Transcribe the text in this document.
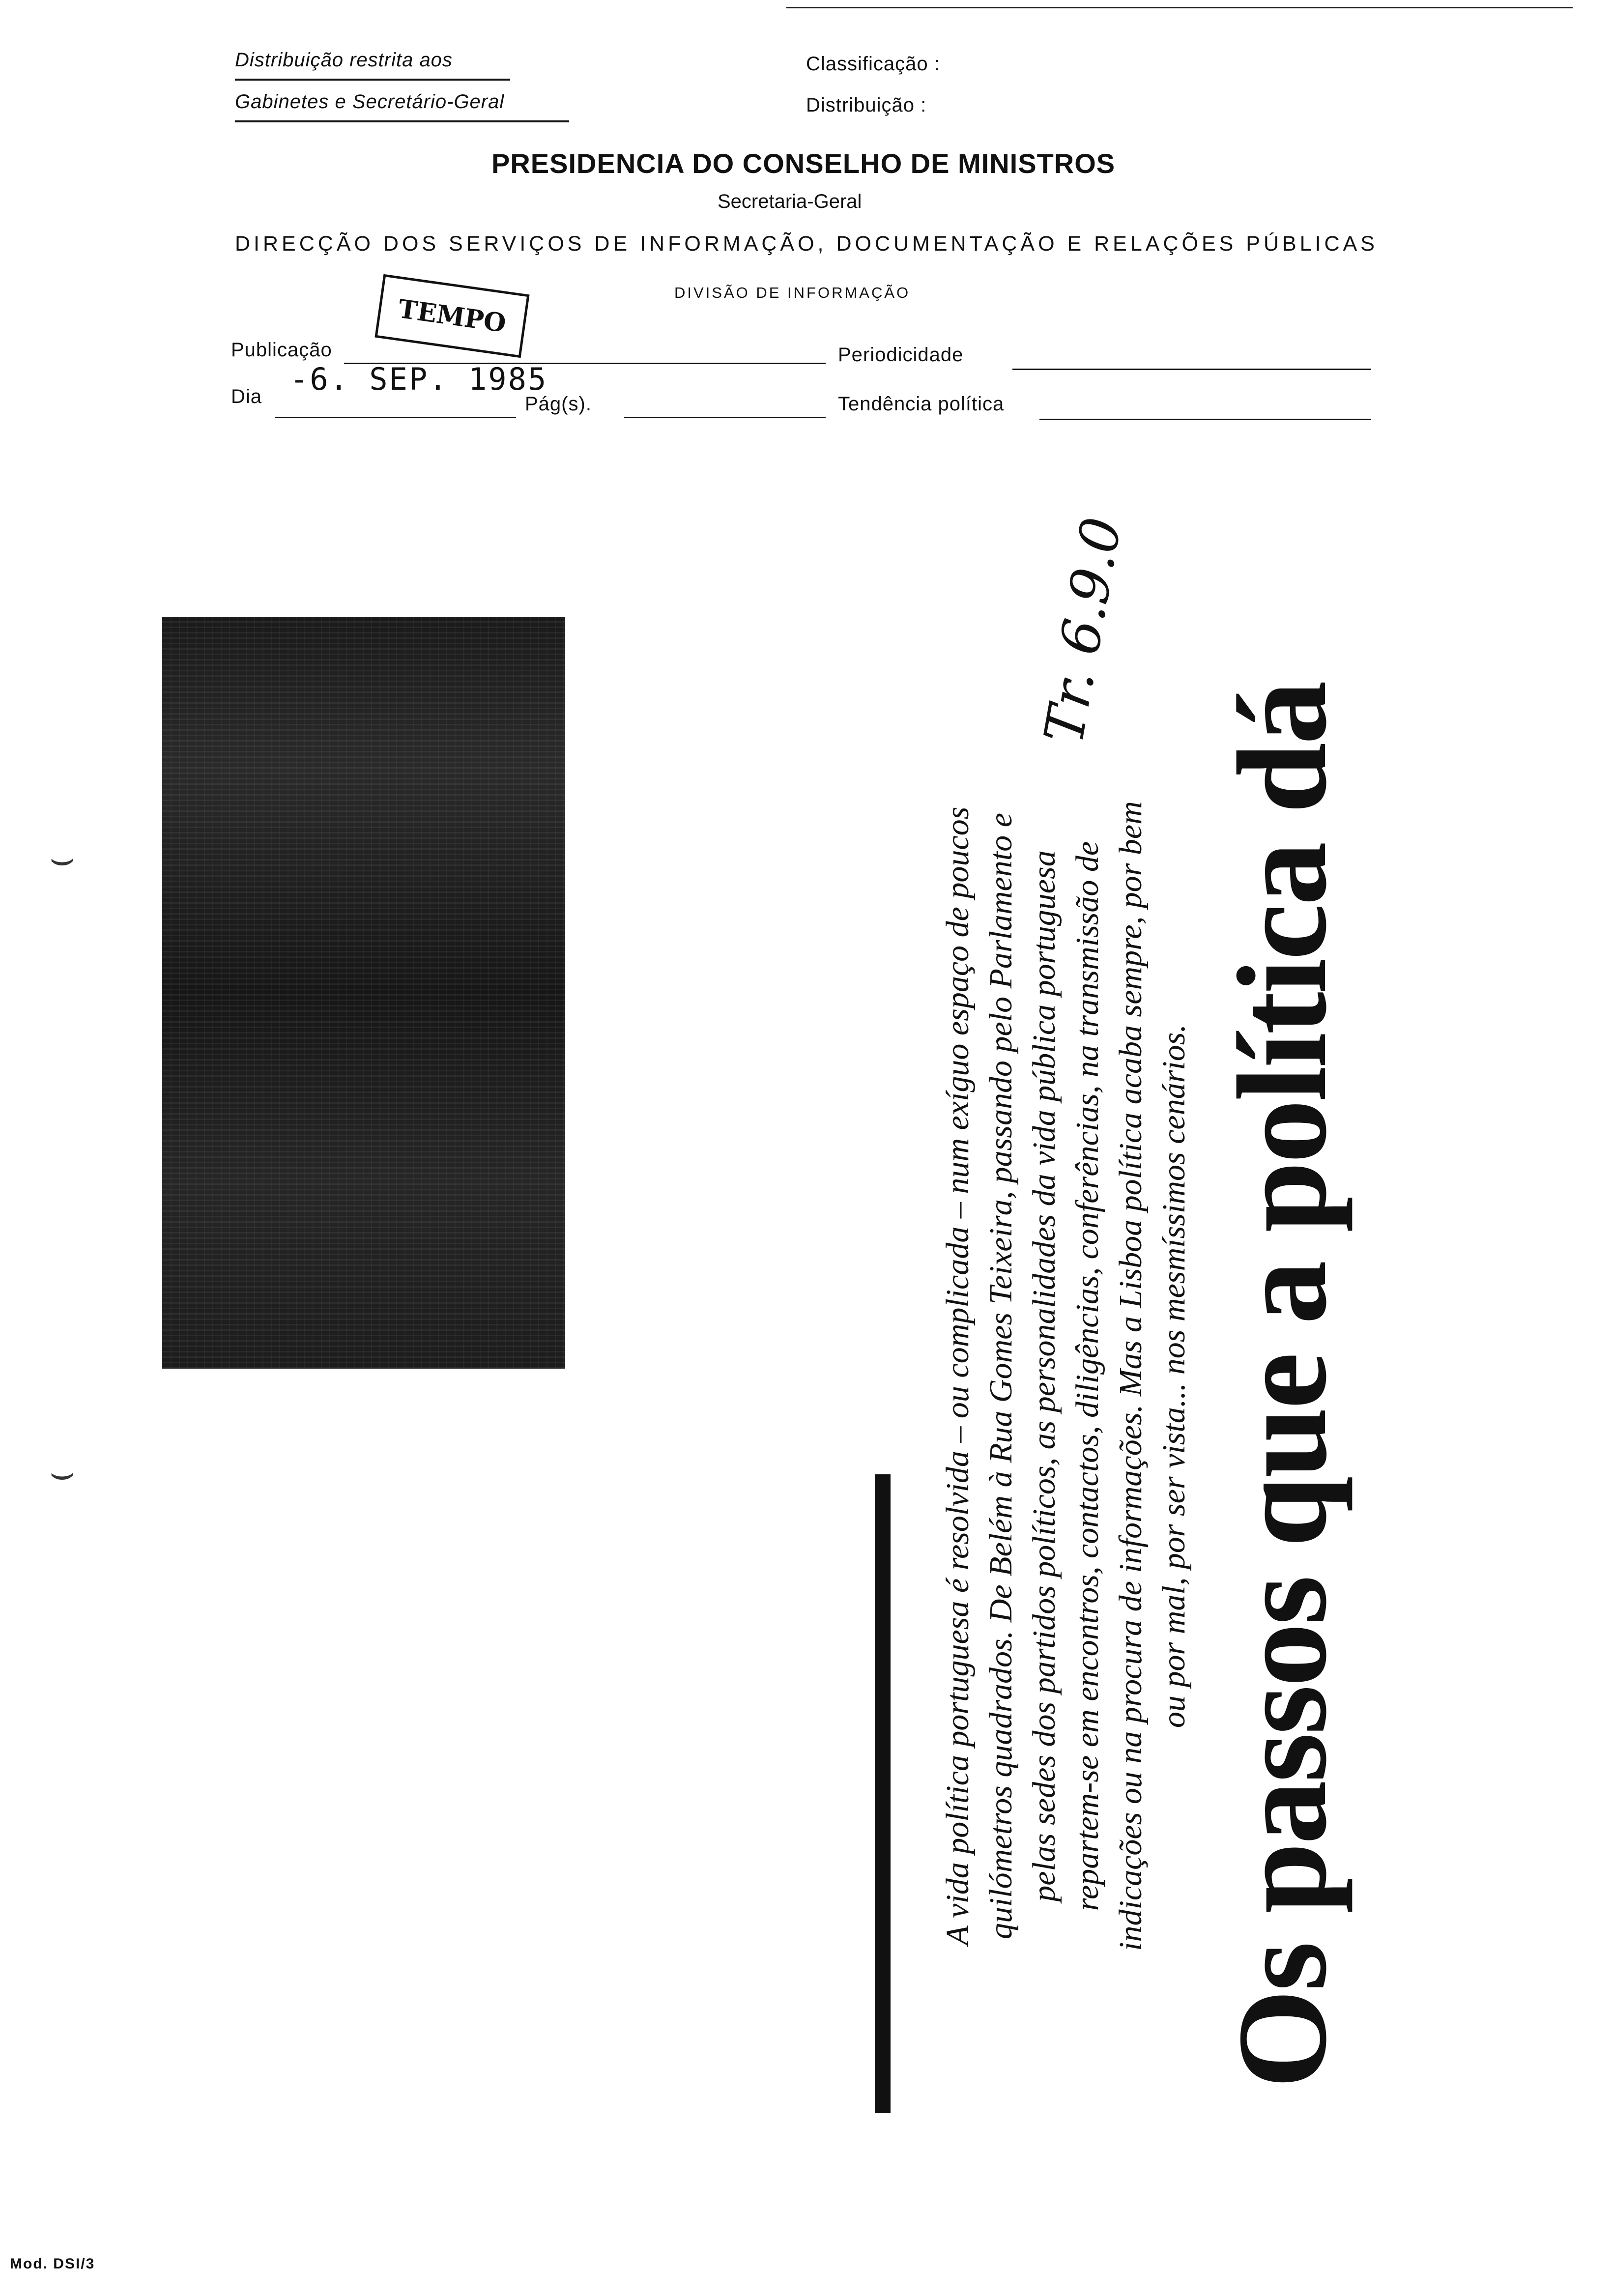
Distribuição restrita aos
Gabinetes e Secretário-Geral
Classificação :
Distribuição :
PRESIDENCIA DO CONSELHO DE MINISTROS
Secretaria-Geral
DIRECÇÃO DOS SERVIÇOS DE INFORMAÇÃO, DOCUMENTAÇÃO E RELAÇÕES PÚBLICAS
DIVISÃO DE INFORMAÇÃO
TEMPO
Publicação	Periodicidade
Dia -6. SEP. 1985
Pág(s).	Tendência política
⌣
⌣	A vida política portuguesa é resolvida – ou complicada – num exíguo espaço de poucos quilómetros quadrados. De Belém à Rua Gomes Teixeira, passando pelo Parlamento e pelas sedes dos partidos políticos, as personalidades da vida pública portuguesa repartem-se em encontros, contactos, diligências, conferências, na transmissão de indicações ou na procura de informações. Mas a Lisboa política acaba sempre, por bem ou por mal, por ser vista... nos mesmíssimos cenários. Os passos que a política dá
Tr. 6.9.0
Mod. DSI/3
